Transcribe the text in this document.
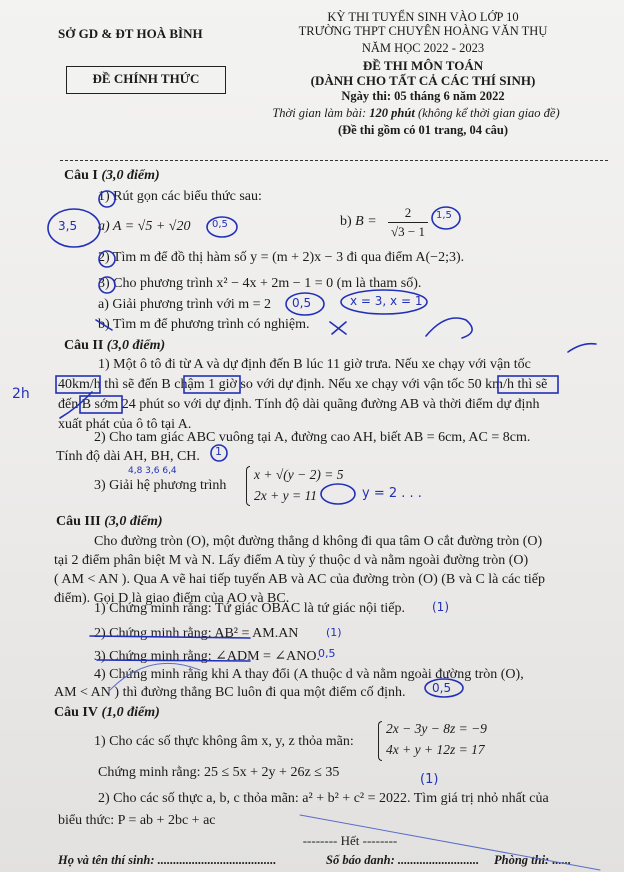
SỞ GD & ĐT HOÀ BÌNH
ĐỀ CHÍNH THỨC
KỲ THI TUYỂN SINH VÀO LỚP 10
TRƯỜNG THPT CHUYÊN HOÀNG VĂN THỤ
NĂM HỌC 2022 - 2023
ĐỀ THI MÔN TOÁN
(DÀNH CHO TẤT CẢ CÁC THÍ SINH)
Ngày thi: 05 tháng 6 năm 2022
Thời gian làm bài: 120 phút (không kể thời gian giao đề)
(Đề thi gồm có 01 trang, 04 câu)
Câu I (3,0 điểm)
1) Rút gọn các biểu thức sau:
a) A = √5 + √20	b) B =
2
√3 − 1
2) Tìm m để đồ thị hàm số y = (m + 2)x − 3 đi qua điểm A(−2;3).
3) Cho phương trình x² − 4x + 2m − 1 = 0 (m là tham số).
a) Giải phương trình với m = 2
b) Tìm m để phương trình có nghiệm.
Câu II (3,0 điểm)
1) Một ô tô đi từ A và dự định đến B lúc 11 giờ trưa. Nếu xe chạy với vận tốc
40km/h thì sẽ đến B chậm 1 giờ so với dự định. Nếu xe chạy với vận tốc 50 km/h thì sẽ
đến B sớm 24 phút so với dự định. Tính độ dài quãng đường AB và thời điểm dự định
xuất phát của ô tô tại A.
2) Cho tam giác ABC vuông tại A, đường cao AH, biết AB = 6cm, AC = 8cm.
Tính độ dài AH, BH, CH.
3) Giải hệ phương trình
x + √(y − 2) = 5
2x + y = 11
Câu III (3,0 điểm)
Cho đường tròn (O), một đường thẳng d không đi qua tâm O cắt đường tròn (O)
tại 2 điểm phân biệt M và N. Lấy điểm A tùy ý thuộc d và nằm ngoài đường tròn (O)
( AM < AN ). Qua A vẽ hai tiếp tuyến AB và AC của đường tròn (O) (B và C là các tiếp
điểm). Gọi D là giao điểm của AO và BC.
1) Chứng minh rằng: Tứ giác OBAC là tứ giác nội tiếp.
2) Chứng minh rằng: AB² = AM.AN
3) Chứng minh rằng: ∠ADM = ∠ANO.
4) Chứng minh rằng khi A thay đổi (A thuộc d và nằm ngoài đường tròn (O),
AM < AN ) thì đường thẳng BC luôn đi qua một điểm cố định.
Câu IV (1,0 điểm)
1) Cho các số thực không âm x, y, z thỏa mãn:
2x − 3y − 8z = −9
4x + y + 12z = 17
Chứng minh rằng: 25 ≤ 5x + 2y + 26z ≤ 35
2) Cho các số thực a, b, c thỏa mãn: a² + b² + c² = 2022. Tìm giá trị nhỏ nhất của
biểu thức: P = ab + 2bc + ac
-------- Hết --------
Họ và tên thí sinh: ......................................	Số báo danh: .......................... Phòng thi: ......
3,5	0,5
1,5
0,5	x = 3, x = 1
1
2h
4,8 3,6 6,4
y = 2 . . .
(1)
(1)
0,5
0,5
(1)
